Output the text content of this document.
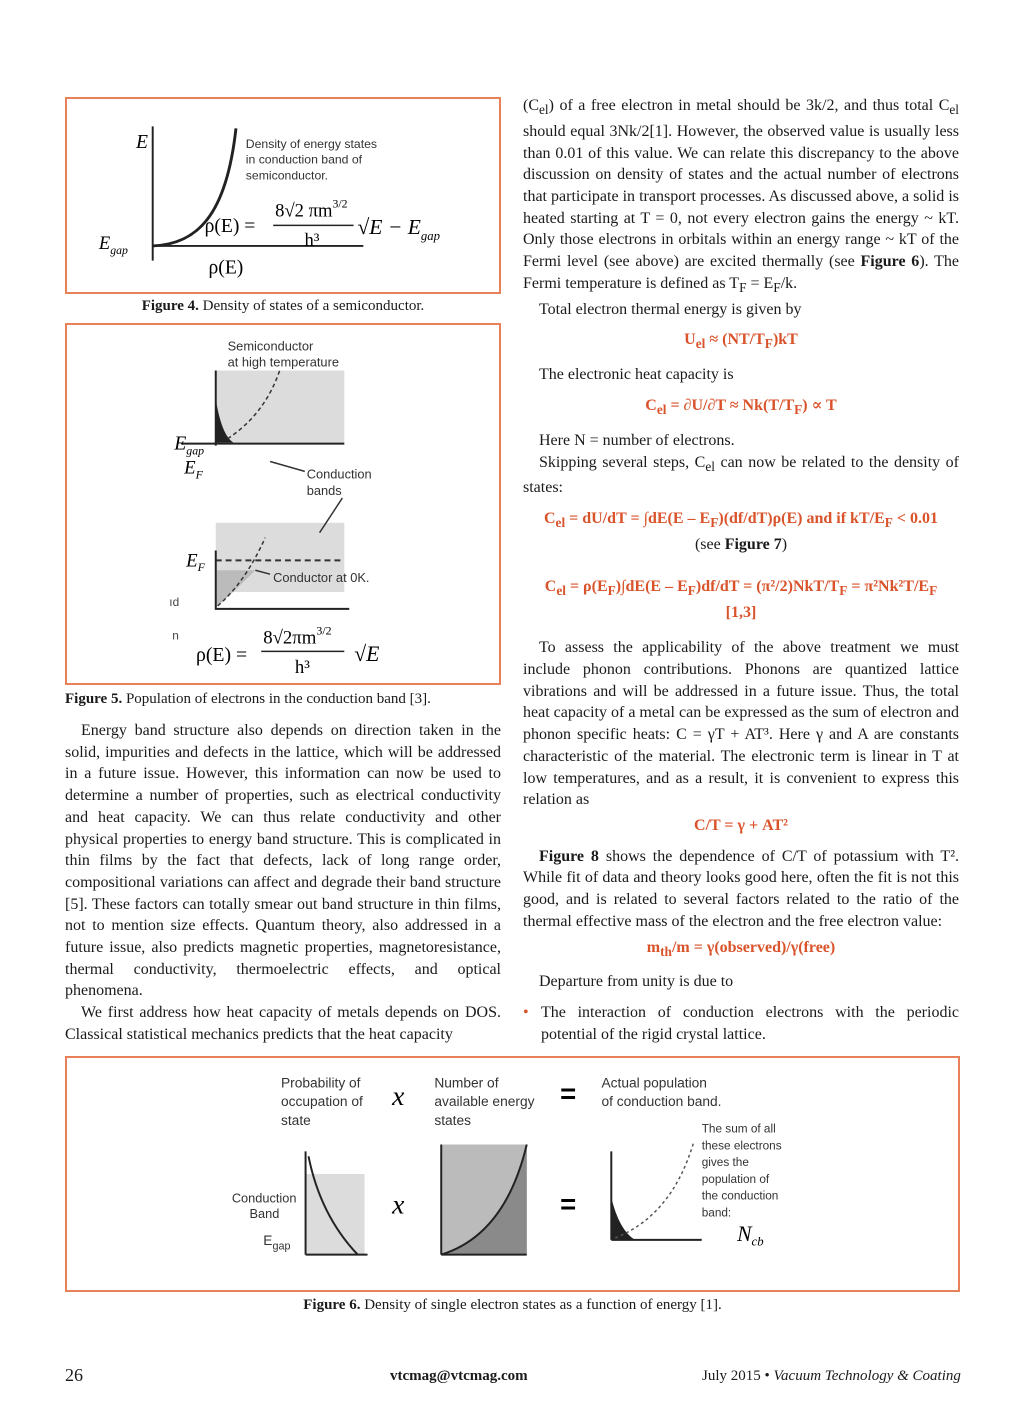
E
$E_{gap}$
ρ(E)
Density of energy states
in conduction band of
semiconductor.
ρ(E) =
8√2 $\pi m^{3/2}$
h³
$√E - E_{gap}$
Figure 4. Density of states of a semiconductor.
Semiconductor
at high temperature
$E_{gap}$
$E_F$	Conduction
bands
$E_F$
Conductor at 0K.
ıd
n
ρ(E) =
$8√2\pi m^{3/2}$
h³
√E
Figure 5. Population of electrons in the conduction band [3].

Energy band structure also depends on direction taken in the solid, impurities and defects in the lattice, which will be addressed in a future issue. However, this information can now be used to determine a number of properties, such as electrical conductivity and heat capacity. We can thus relate conductivity and other physical properties to energy band structure. This is complicated in thin films by the fact that defects, lack of long range order, compositional variations can affect and degrade their band structure [5]. These factors can totally smear out band structure in thin films, not to mention size effects. Quantum theory, also addressed in a future issue, also predicts magnetic properties, magnetoresistance, thermal conductivity, thermoelectric effects, and optical phenomena.

We first address how heat capacity of metals depends on DOS. Classical statistical mechanics predicts that the heat capacity

$(C_{el})$ of a free electron in metal should be 3k/2, and thus total $C_{el}$ should equal 3Nk/2[1]. However, the observed value is usually less than 0.01 of this value. We can relate this discrepancy to the above discussion on density of states and the actual number of electrons that participate in transport processes. As discussed above, a solid is heated starting at T = 0, not every electron gains the energy ~ kT. Only those electrons in orbitals within an energy range ~ kT of the Fermi level (see above) are excited thermally (see Figure 6). The Fermi temperature is defined as $T_F = E_F/k$.

Total electron thermal energy is given by

$U_{el} \approx (NT/T_F)kT$

The electronic heat capacity is

$C_{el} = \partial U/\partial T \approx Nk(T/T_F) \propto T$

Here N = number of electrons.

Skipping several steps, $C_{el}$ can now be related to the density of states:

$C_{el} = dU/dT = \int dE(E - E_F)(df/dT)\rho(E)$ and if $kT/E_F < 0.01$
(see Figure 7)

$C_{el} = \rho(E_F)\int dE(E - E_F)df/dT = (\pi^2/2)NkT/T_F = \pi^2Nk^2T/E_F$
[1,3]

To assess the applicability of the above treatment we must include phonon contributions. Phonons are quantized lattice vibrations and will be addressed in a future issue. Thus, the total heat capacity of a metal can be expressed as the sum of electron and phonon specific heats: C = γT + AT³. Here γ and A are constants characteristic of the material. The electronic term is linear in T at low temperatures, and as a result, it is convenient to express this relation as

C/T = γ + AT²

Figure 8 shows the dependence of C/T of potassium with T². While fit of data and theory looks good here, often the fit is not this good, and is related to several factors related to the ratio of the thermal effective mass of the electron and the free electron value:

$m_{th}/m$ = γ(observed)/γ(free)

Departure from unity is due to

• The interaction of conduction electrons with the periodic potential of the rigid crystal lattice.

Probability of
occupation of
state
Number of
available energy
states
Actual population
of conduction band.
x	=
x	=
Conduction
Band
$E_{gap}$
The sum of all
these electrons
gives the
population of
the conduction
band:
$N_{cb}$
Figure 6. Density of single electron states as a function of energy [1].
26	vtcmag@vtcmag.com	July 2015 • Vacuum Technology & Coating
